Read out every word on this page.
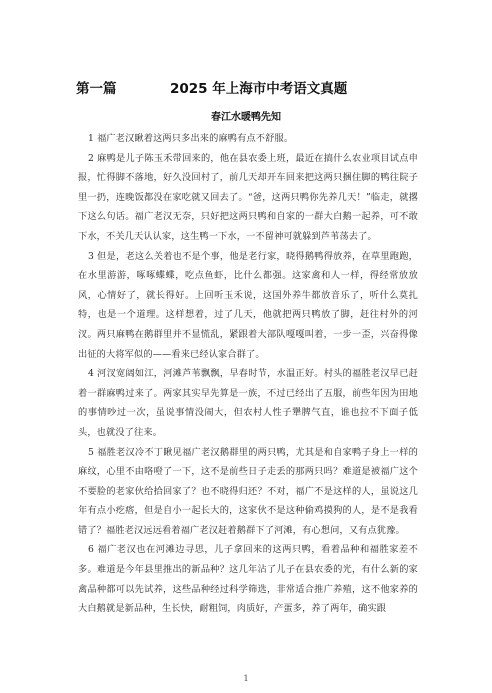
第一篇	2025 年上海市中考语文真题
春江水暖鸭先知

1 福广老汉瞅着这两只多出来的麻鸭有点不舒服。

2 麻鸭是儿子陈玉禾带回来的，他在县农委上班，最近在搞什么农业项目试点申报，忙得脚不落地，好久没回村了，前几天却开车回来把这两只捆住脚的鸭往院子里一扔，连晚饭都没在家吃就又回去了。“爸，这两只鸭你先养几天！”临走，就撂下这么句话。福广老汉无奈，只好把这两只鸭和自家的一群大白鹅一起养，可不敢下水，不关几天认认家，这生鸭一下水，一不留神可就躲到芦苇荡去了。

3 但是，老这么关着也不是个事，他是老行家，晓得鹅鸭得放养，在草里跑跑，在水里游游，啄啄蝶蝶，吃点鱼虾，比什么都强。这家禽和人一样，得经常放放风，心情好了，就长得好。上回听玉禾说，这国外养牛都放音乐了，听什么莫扎特，也是一个道理。这样想着，过了几天，他就把两只鸭放了脚，赶往村外的河汊。两只麻鸭在鹅群里并不显慌乱，紧跟着大部队嘎嘎叫着，一步一歪，兴奋得像出征的大将军似的——看来已经认家合群了。

4 河汊宽阔如江，河滩芦苇飘飘，早春时节，水温正好。村头的福胜老汉早已赶着一群麻鸭过来了。两家其实早先算是一族，不过已经出了五服，前些年因为田地的事情吵过一次，虽说事情没闹大，但农村人性子犟脾气直，谁也拉不下面子低头，也就没了往来。

5 福胜老汉冷不丁瞅见福广老汉鹅群里的两只鸭，尤其是和自家鸭子身上一样的麻纹，心里不由咯噔了一下，这不是前些日子走丢的那两只吗？难道是被福广这个不要脸的老家伙给拾回家了？也不晓得归还？不对，福广不是这样的人，虽说这几年有点小疙瘩，但是自小一起长大的，这家伙不是这种偷鸡摸狗的人，是不是我看错了？福胜老汉远远看着福广老汉赶着鹅群下了河滩，有心想问，又有点犹豫。

6 福广老汉也在河滩边寻思，儿子拿回来的这两只鸭，看着品种和福胜家差不多。难道是今年县里推出的新品种？这几年沾了儿子在县农委的光，有什么新的家禽品种都可以先试养，这些品种经过科学筛选，非常适合推广养殖，这不他家养的大白鹅就是新品种，生长快，耐粗饲，肉质好，产蛋多，养了两年，确实跟

1
